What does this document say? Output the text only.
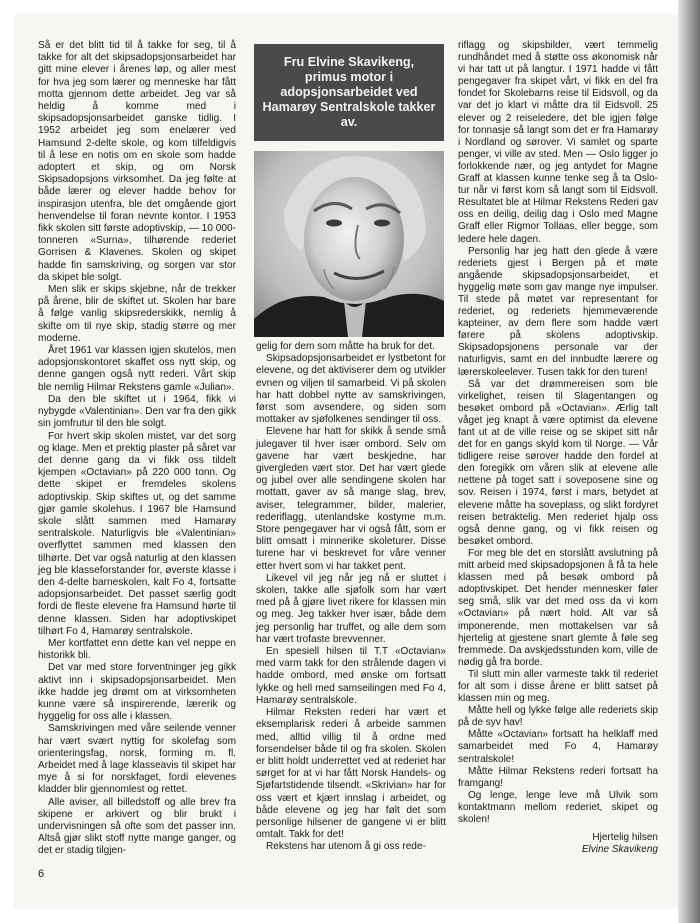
Så er det blitt tid til å takke for seg, til å takke for alt det skipsadopsjonsarbeidet har gitt mine elever i årenes løp, og aller mest for hva jeg som lærer og menneske har fått motta gjennom dette arbeidet. Jeg var så heldig å komme med i skipsadopsjonsarbeidet ganske tidlig. I 1952 arbeidet jeg som enelærer ved Hamsund 2-delte skole, og kom tilfeldigvis til å lese en notis om en skole som hadde adoptert et skip, og om Norsk Skipsadopsjons virksomhet. Da jeg følte at både lærer og elever hadde behov for inspirasjon utenfra, ble det omgående gjort henvendelse til foran nevnte kontor. I 1953 fikk skolen sitt første adoptivskip, — 10 000-tonneren «Surna», tilhørende rederiet Gorrisen & Klavenes. Skolen og skipet hadde fin samskriving, og sorgen var stor da skipet ble solgt.

Men slik er skips skjebne, når de trekker på årene, blir de skiftet ut. Skolen har bare å følge vanlig skipsrederskikk, nemlig å skifte om til nye skip, stadig større og mer moderne.

Året 1961 var klassen igjen skutelos, men adopsjonskontoret skaffet oss nytt skip, og denne gangen også nytt rederi. Vårt skip ble nemlig Hilmar Rekstens gamle «Julian».

Da den ble skiftet ut i 1964, fikk vi nybygde «Valentinian». Den var fra den gikk sin jomfrutur til den ble solgt.

For hvert skip skolen mistet, var det sorg og klage. Men et prektig plaster på såret var det denne gang da vi fikk oss tildelt kjempen «Octavian» på 220 000 tonn. Og dette skipet er fremdeles skolens adoptivskip. Skip skiftes ut, og det samme gjør gamle skolehus. I 1967 ble Hamsund skole slått sammen med Hamarøy sentralskole. Naturligvis ble «Valentinian» overflyttet sammen med klassen den tilhørte. Det var også naturlig at den klassen jeg ble klasseforstander for, øverste klasse i den 4-delte barneskolen, kalt Fo 4, fortsatte adopsjonsarbeidet. Det passet særlig godt fordi de fleste elevene fra Hamsund hørte til denne klassen. Siden har adoptivskipet tilhørt Fo 4, Hamarøy sentralskole.

Mer kortfattet enn dette kan vel neppe en historikk bli.

Det var med store forventninger jeg gikk aktivt inn i skipsadopsjonsarbeidet. Men ikke hadde jeg drømt om at virksomheten kunne være så inspirerende, lærerik og hyggelig for oss alle i klassen.

Samskrivingen med våre seilende venner har vært svært nyttig for skolefag som orienteringsfag, norsk, forming m. fl. Arbeidet med å lage klasseavis til skipet har mye å si for norskfaget, fordi elevenes kladder blir gjennomlest og rettet.

Alle aviser, all billedstoff og alle brev fra skipene er arkivert og blir brukt i undervisningen så ofte som det passer inn. Altså gjør slikt stoff nytte mange ganger, og det er stadig tilgjen-

Fru Elvine Skavikeng, primus motor i adopsjonsarbeidet ved Hamarøy Sentralskole takker av.

gelig for dem som måtte ha bruk for det.

Skipsadopsjonsarbeidet er lystbetont for elevene, og det aktiviserer dem og utvikler evnen og viljen til samarbeid. Vi på skolen har hatt dobbel nytte av samskrivingen, først som avsendere, og siden som mottaker av sjøfolkenes sendinger til oss.

Elevene har hatt for skikk å sende små julegaver til hver især ombord. Selv om gavene har vært beskjedne, har givergleden vært stor. Det har vært glede og jubel over alle sendingene skolen har mottatt, gaver av så mange slag, brev, aviser, telegrammer, bilder, malerier, rederiflagg, utenlandske kostyme m.m. Store pengegaver har vi også fått, som er blitt omsatt i minnerike skoleturer. Disse turene har vi beskrevet for våre venner etter hvert som vi har takket pent.

Likevel vil jeg når jeg nå er sluttet i skolen, takke alle sjøfolk som har vært med på å gjøre livet rikere for klassen min og meg. Jeg takker hver især, både dem jeg personlig har truffet, og alle dem som har vært trofaste brevvenner.

En spesiell hilsen til T.T «Octavian» med varm takk for den strålende dagen vi hadde ombord, med ønske om fortsatt lykke og hell med samseilingen med Fo 4, Hamarøy sentralskole.

Hilmar Reksten rederi har vært et eksemplarisk rederi å arbeide sammen med, alltid villig til å ordne med forsendelser både til og fra skolen. Skolen er blitt holdt underrettet ved at rederiet har sørget for at vi har fått Norsk Handels- og Sjøfartstidende tilsendt. «Skrivian» har for oss vært et kjært innslag i arbeidet, og både elevene og jeg har følt det som personlige hilsener de gangene vi er blitt omtalt. Takk for det!

Rekstens har utenom å gi oss rede-

riflagg og skipsbilder, vært temmelig rundhåndet med å støtte oss økonomisk når vi har tatt ut på langtur. I 1971 hadde vi fått pengegaver fra skipet vårt, vi fikk en del fra fondet for Skolebarns reise til Eidsvoll, og da var det jo klart vi måtte dra til Eidsvoll. 25 elever og 2 reiseledere, det ble igjen følge for tonnasje så langt som det er fra Hamarøy i Nordland og sørover. Vi samlet og sparte penger, vi ville av sted. Men — Oslo ligger jo forlokkende nær, og jeg antydet for Magne Graff at klassen kunne tenke seg å ta Oslo-tur når vi først kom så langt som til Eidsvoll. Resultatet ble at Hilmar Rekstens Rederi gav oss en deilig, deilig dag i Oslo med Magne Graff eller Rigmor Tollaas, eller begge, som ledere hele dagen.

Personlig har jeg hatt den glede å være rederiets gjest i Bergen på et møte angående skipsadopsjonsarbeidet, et hyggelig møte som gav mange nye impulser. Til stede på møtet var representant for rederiet, og rederiets hjemmeværende kapteiner, av dem flere som hadde vært førere på skolens adoptivskip. Skipsadopsjonens personale var der naturligvis, samt en del innbudte lærere og lærerskoleelever. Tusen takk for den turen!

Så var det drømmereisen som ble virkelighet, reisen til Slagentangen og besøket ombord på «Octavian». Ærlig talt våget jeg knapt å være optimist da elevene fant ut at de ville reise og se skipet sitt når det for en gangs skyld kom til Norge. — Vår tidligere reise sørover hadde den fordel at den foregikk om våren slik at elevene alle nettene på toget satt i soveposene sine og sov. Reisen i 1974, først i mars, betydet at elevene måtte ha soveplass, og slikt fordyret reisen betraktelig. Men rederiet hjalp oss også denne gang, og vi fikk reisen og besøket ombord.

For meg ble det en storslått avslutning på mitt arbeid med skipsadopsjonen å få ta hele klassen med på besøk ombord på adoptivskipet. Det hender mennesker føler seg små, slik var det med oss da vi kom «Octavian» på nært hold. Alt var så imponerende, men mottakelsen var så hjertelig at gjestene snart glemte å føle seg fremmede. Da avskjedsstunden kom, ville de nødig gå fra borde.

Til slutt min aller varmeste takk til rederiet for alt som i disse årene er blitt satset på klassen min og meg.

Måtte hell og lykke følge alle rederiets skip på de syv hav!

Måtte «Octavian» fortsatt ha helklaff med samarbeidet med Fo 4, Hamarøy sentralskole!

Måtte Hilmar Rekstens rederi fortsatt ha framgang!

Og lenge, lenge leve må Ulvik som kontaktmann mellom rederiet, skipet og skolen!

Hjertelig hilsen
Elvine Skavikeng
6
